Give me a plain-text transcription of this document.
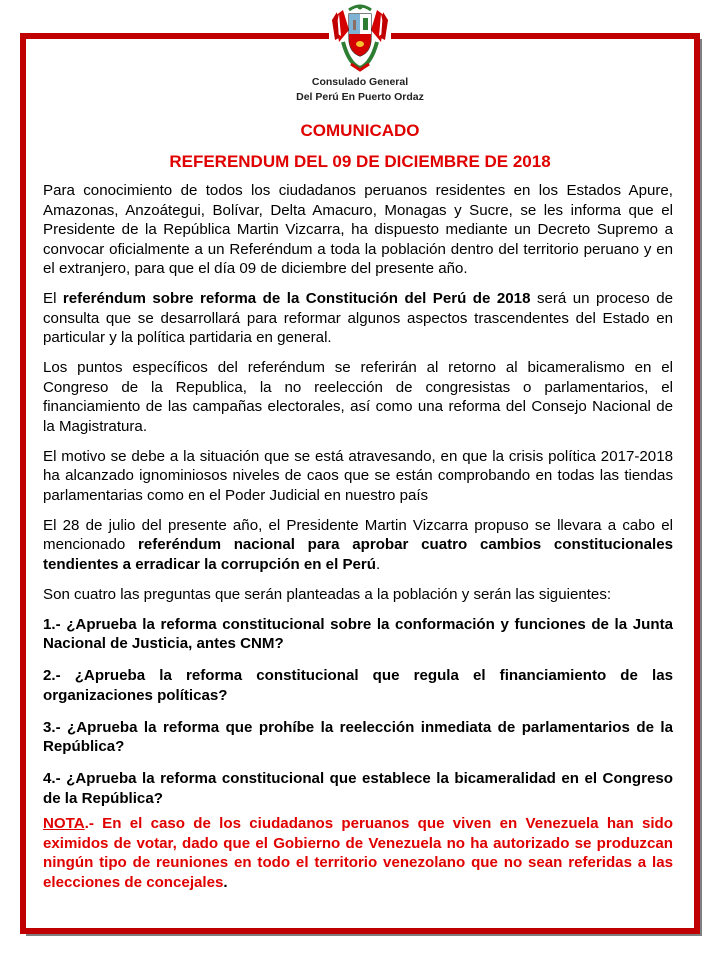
Consulado General
Del Perú En Puerto Ordaz
COMUNICADO
REFERENDUM DEL 09 DE DICIEMBRE DE 2018

Para conocimiento de todos los ciudadanos peruanos residentes en los Estados Apure, Amazonas, Anzoátegui, Bolívar, Delta Amacuro, Monagas y Sucre, se les informa que el Presidente de la República Martin Vizcarra, ha dispuesto mediante un Decreto Supremo a convocar oficialmente a un Referéndum a toda la población dentro del territorio peruano y en el extranjero, para que el día 09 de diciembre del presente año.

El referéndum sobre reforma de la Constitución del Perú de 2018 será un proceso de consulta que se desarrollará para reformar algunos aspectos trascendentes del Estado en particular y la política partidaria en general.

Los puntos específicos del referéndum se referirán al retorno al bicameralismo en el Congreso de la Republica, la no reelección de congresistas o parlamentarios, el financiamiento de las campañas electorales, así como una reforma del Consejo Nacional de la Magistratura.

El motivo se debe a la situación que se está atravesando, en que la crisis política 2017-2018 ha alcanzado ignominiosos niveles de caos que se están comprobando en todas las tiendas parlamentarias como en el Poder Judicial en nuestro país

El 28 de julio del presente año, el Presidente Martin Vizcarra propuso se llevara a cabo el mencionado referéndum nacional para aprobar cuatro cambios constitucionales tendientes a erradicar la corrupción en el Perú.

Son cuatro las preguntas que serán planteadas a la población y serán las siguientes:

1.- ¿Aprueba la reforma constitucional sobre la conformación y funciones de la Junta Nacional de Justicia, antes CNM?

2.- ¿Aprueba la reforma constitucional que regula el financiamiento de las organizaciones políticas?

3.- ¿Aprueba la reforma que prohíbe la reelección inmediata de parlamentarios de la República?

4.- ¿Aprueba la reforma constitucional que establece la bicameralidad en el Congreso de la República?

NOTA.- En el caso de los ciudadanos peruanos que viven en Venezuela han sido eximidos de votar, dado que el Gobierno de Venezuela no ha autorizado se produzcan ningún tipo de reuniones en todo el territorio venezolano que no sean referidas a las elecciones de concejales.
